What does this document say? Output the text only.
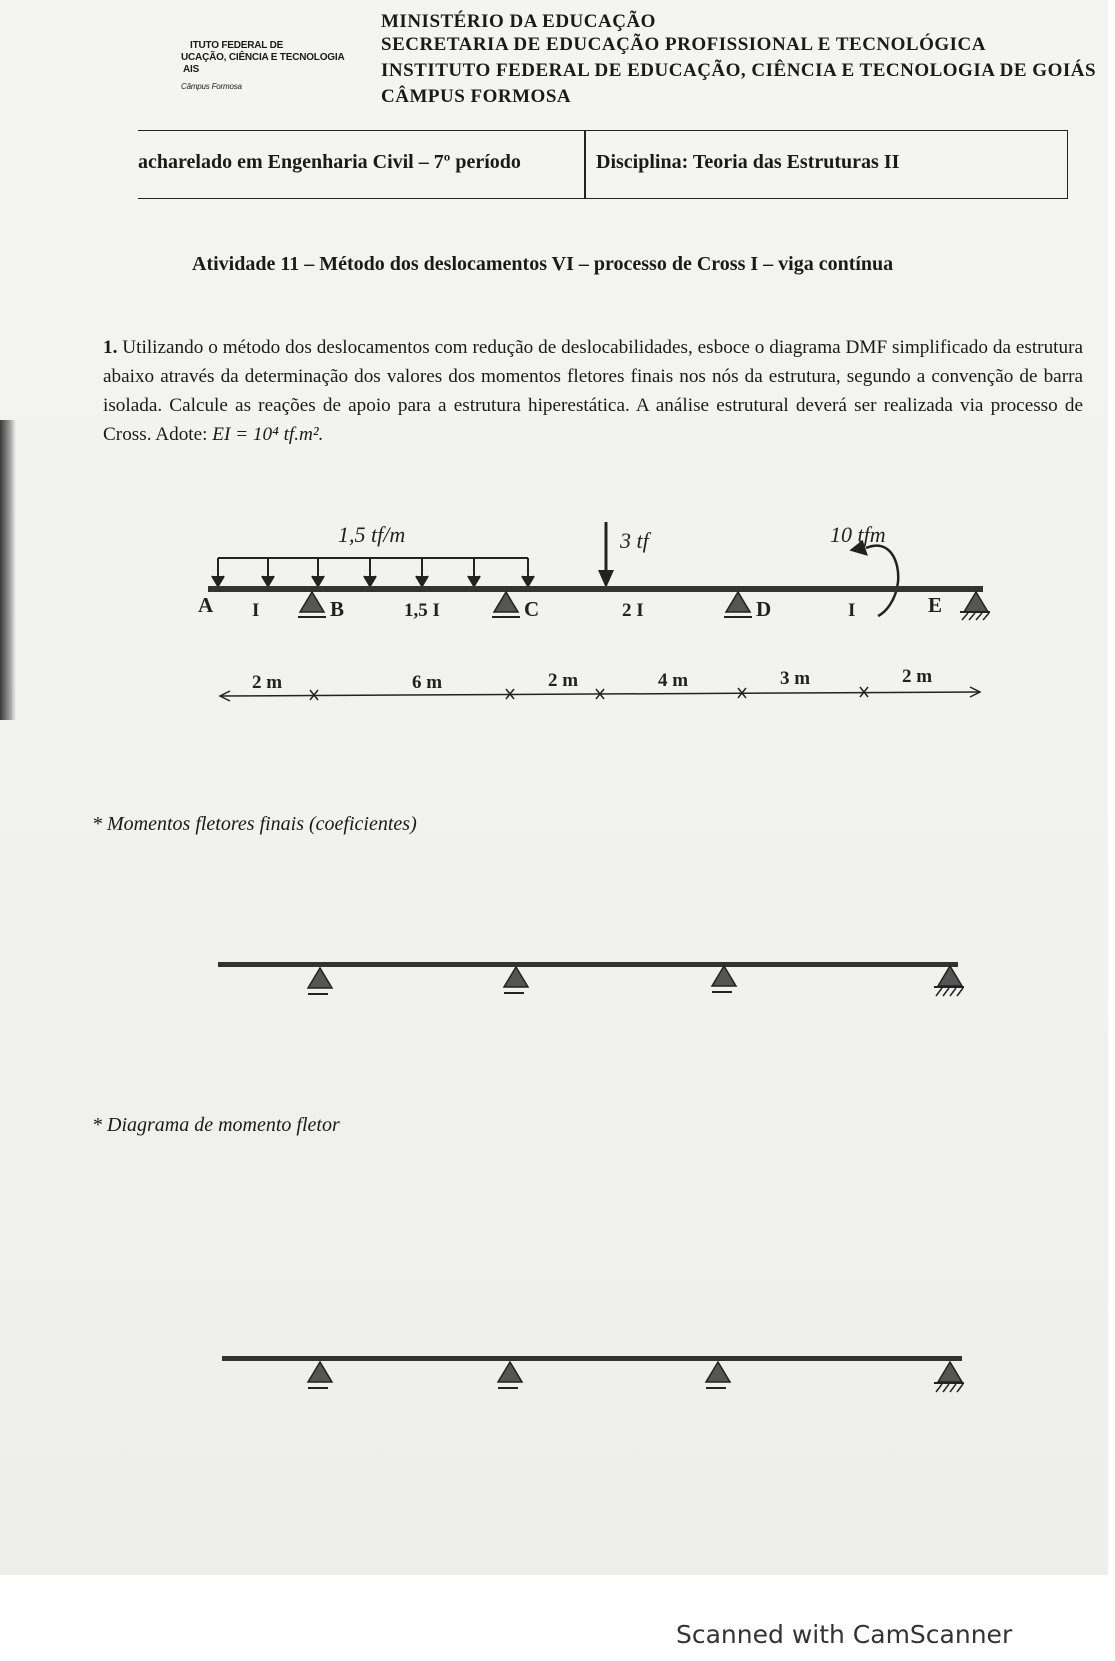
ITUTO FEDERAL DE
UCAÇÃO, CIÊNCIA E TECNOLOGIA
AIS
Câmpus Formosa
MINISTÉRIO DA EDUCAÇÃO
SECRETARIA DE EDUCAÇÃO PROFISSIONAL E TECNOLÓGICA
INSTITUTO FEDERAL DE EDUCAÇÃO, CIÊNCIA E TECNOLOGIA DE GOIÁS
CÂMPUS FORMOSA
acharelado em Engenharia Civil – 7º período	Disciplina: Teoria das Estruturas II
Atividade 11 – Método dos deslocamentos VI – processo de Cross I – viga contínua
1. Utilizando o método dos deslocamentos com redução de deslocabilidades, esboce o diagrama DMF simplificado da estrutura abaixo através da determinação dos valores dos momentos fletores finais nos nós da estrutura, segundo a convenção de barra isolada. Calcule as reações de apoio para a estrutura hiperestática. A análise estrutural deverá ser realizada via processo de Cross. Adote: EI = 10⁴ tf.m².
1,5 tf/m	3 tf	10 tfm
A	B	C	D	E
I	1,5 I	2 I	I
2 m	6 m	2 m	4 m	3 m	2 m
* Momentos fletores finais (coeficientes)
* Diagrama de momento fletor
Scanned with CamScanner
